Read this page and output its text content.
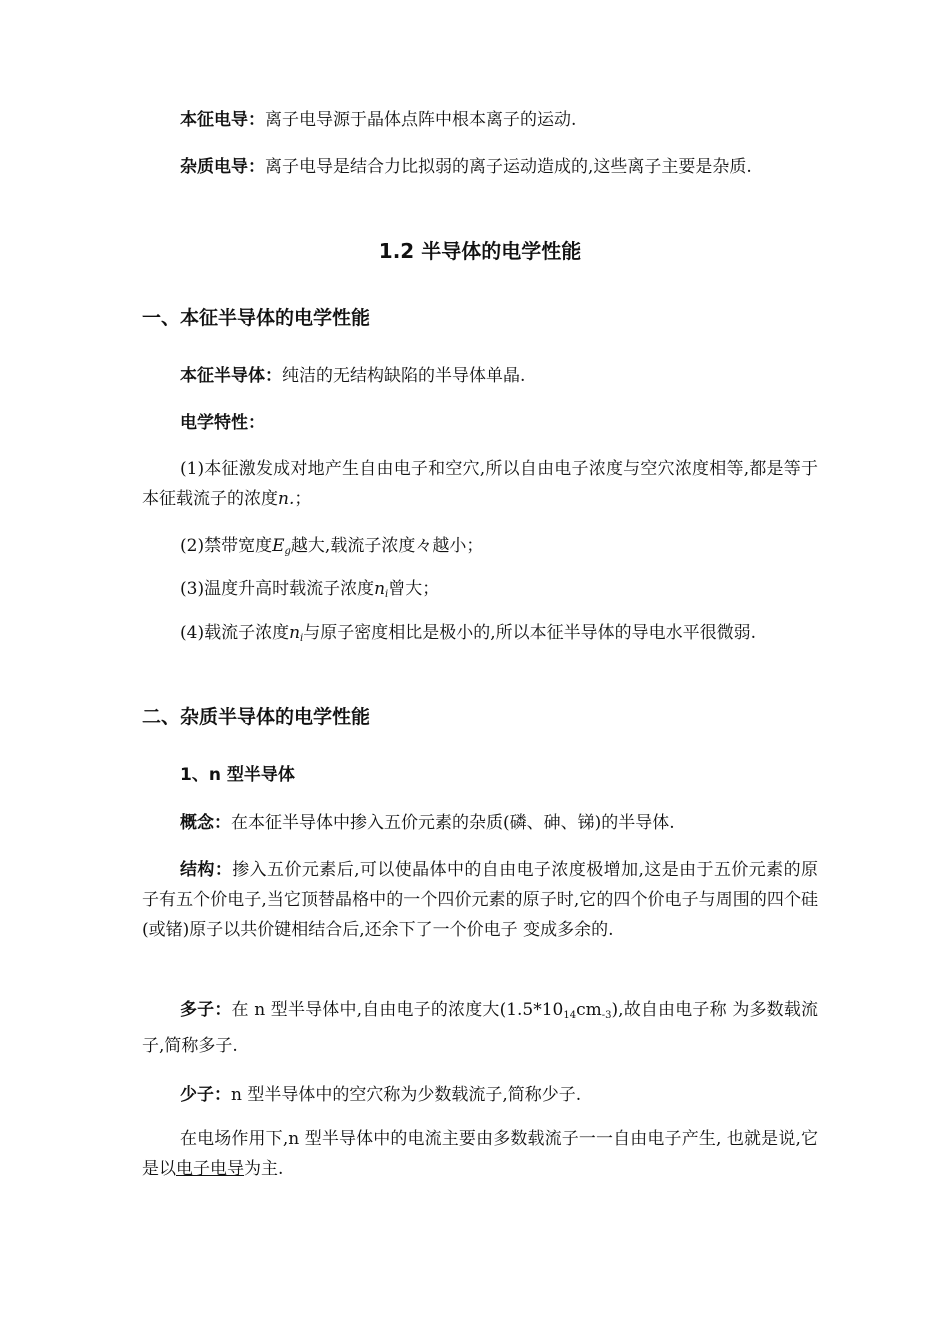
本征电导：离子电导源于晶体点阵中根本离子的运动.

杂质电导：离子电导是结合力比拟弱的离子运动造成的,这些离子主要是杂质.

1.2 半导体的电学性能
一、本征半导体的电学性能

本征半导体：纯洁的无结构缺陷的半导体单晶.

电学特性：

(1)本征激发成对地产生自由电子和空穴,所以自由电子浓度与空穴浓度相等,都是等于本征载流子的浓度n.；

(2)禁带宽度$E_g$越大,载流子浓度々越小；

(3)温度升高时载流子浓度$n_i$曾大；

(4)载流子浓度$n_i$与原子密度相比是极小的,所以本征半导体的导电水平很微弱.

二、杂质半导体的电学性能
1、n 型半导体

概念：在本征半导体中掺入五价元素的杂质(磷、砷、锑)的半导体.

结构：掺入五价元素后,可以使晶体中的自由电子浓度极增加,这是由于五价元素的原子有五个价电子,当它顶替晶格中的一个四价元素的原子时,它的四个价电子与周围的四个硅(或锗)原子以共价键相结合后,还余下了一个价电子 变成多余的.

多子：在 n 型半导体中,自由电子的浓度大$(1.5*10_{14}cm_{-3})$,故自由电子称 为多数载流子,简称多子.

少子：n 型半导体中的空穴称为少数载流子,简称少子.

在电场作用下,n 型半导体中的电流主要由多数载流子一一自由电子产生, 也就是说,它是以电子电导为主.
